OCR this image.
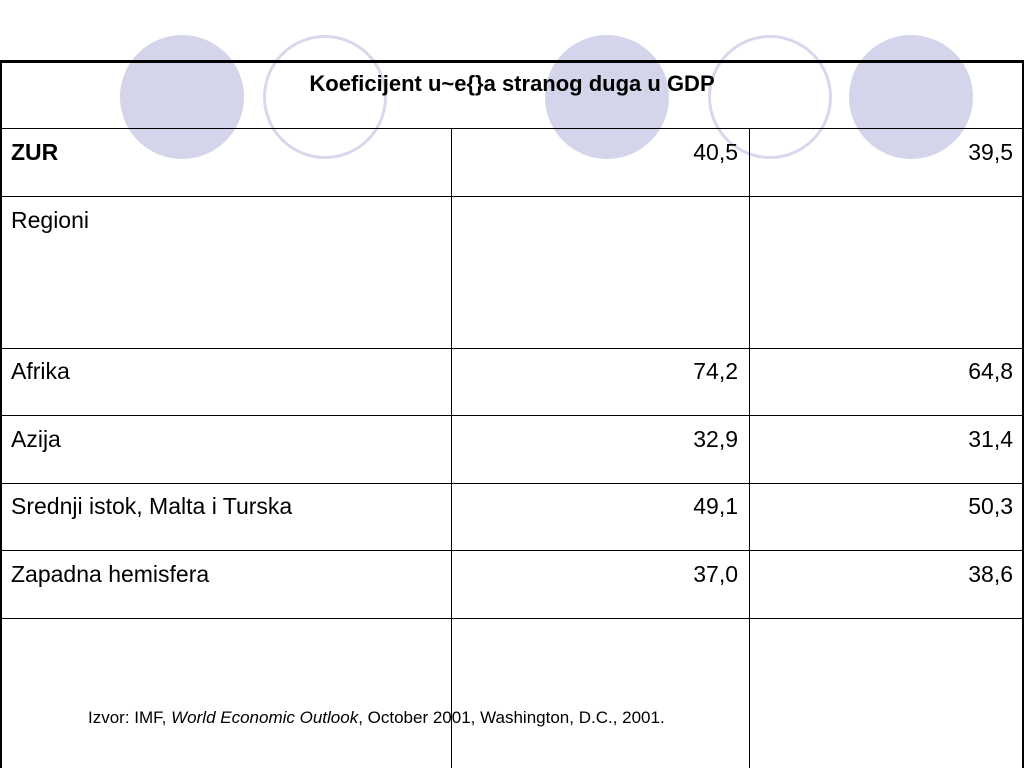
Koeficijent u~e{}a stranog duga u GDP
ZUR	40,5	39,5
Regioni
Afrika	74,2	64,8
Azija	32,9	31,4
Srednji istok, Malta i Turska	49,1	50,3
Zapadna hemisfera	37,0	38,6
Izvor: IMF, World Economic Outlook, October 2001, Washington, D.C., 2001.
